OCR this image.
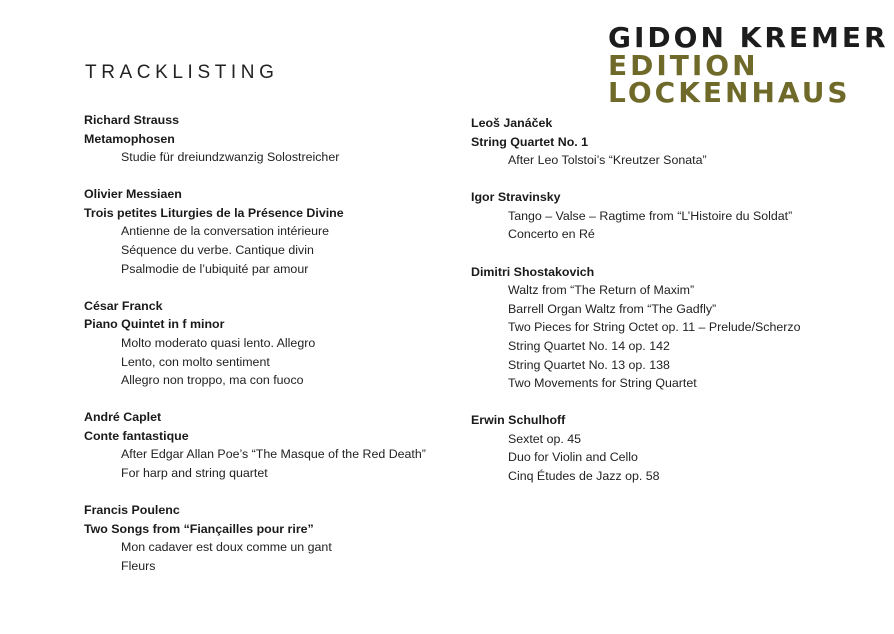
TRACKLISTING
GIDON KREMER
EDITION
LOCKENHAUS
Richard Strauss
Metamophosen
Studie für dreiundzwanzig Solostreicher
Olivier Messiaen
Trois petites Liturgies de la Présence Divine
Antienne de la conversation intérieure
Séquence du verbe. Cantique divin
Psalmodie de l’ubiquité par amour
César Franck
Piano Quintet in f minor
Molto moderato quasi lento. Allegro
Lento, con molto sentiment
Allegro non troppo, ma con fuoco
André Caplet
Conte fantastique
After Edgar Allan Poe’s “The Masque of the Red Death”
For harp and string quartet
Francis Poulenc
Two Songs from “Fiançailles pour rire”
Mon cadaver est doux comme un gant
Fleurs
Leoš Janáček
String Quartet No. 1
After Leo Tolstoi’s “Kreutzer Sonata”
Igor Stravinsky
Tango – Valse – Ragtime from “L’Histoire du Soldat”
Concerto en Ré
Dimitri Shostakovich
Waltz from “The Return of Maxim”
Barrell Organ Waltz from “The Gadfly”
Two Pieces for String Octet op. 11 – Prelude/Scherzo
String Quartet No. 14 op. 142
String Quartet No. 13 op. 138
Two Movements for String Quartet
Erwin Schulhoff
Sextet op. 45
Duo for Violin and Cello
Cinq Études de Jazz op. 58
